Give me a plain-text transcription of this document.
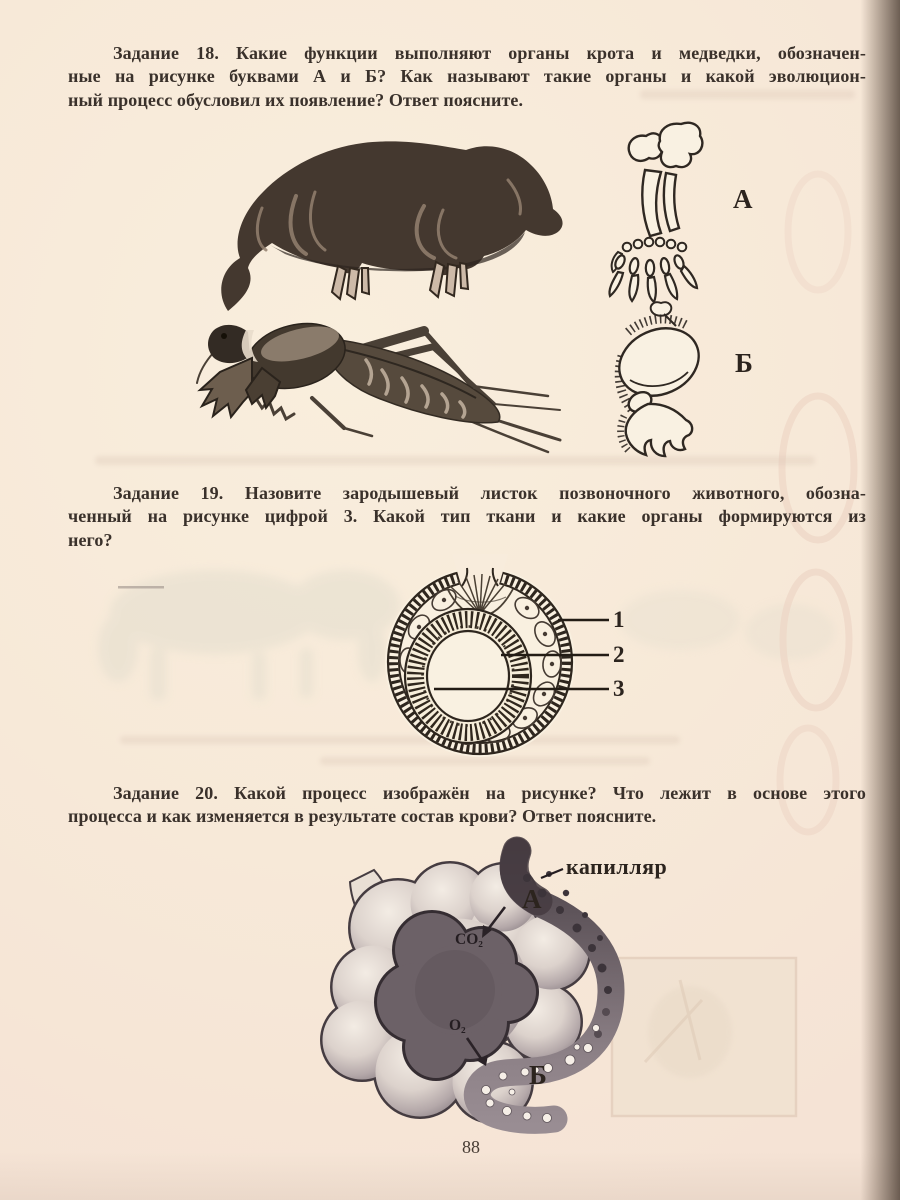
Задание 18. Какие функции выполняют органы крота и медведки, обозначен-
ные на рисунке буквами А и Б? Как называют такие органы и какой эволюцион-
ный процесс обусловил их появление? Ответ поясните.
Задание 19. Назовите зародышевый листок позвоночного животного, обозна-
ченный на рисунке цифрой 3. Какой тип ткани и какие органы формируются из
него?
Задание 20. Какой процесс изображён на рисунке? Что лежит в основе этого
процесса и как изменяется в результате состав крови? Ответ поясните.
А
Б
1
2
3
капилляр
А
Б
CO₂
O₂
88
